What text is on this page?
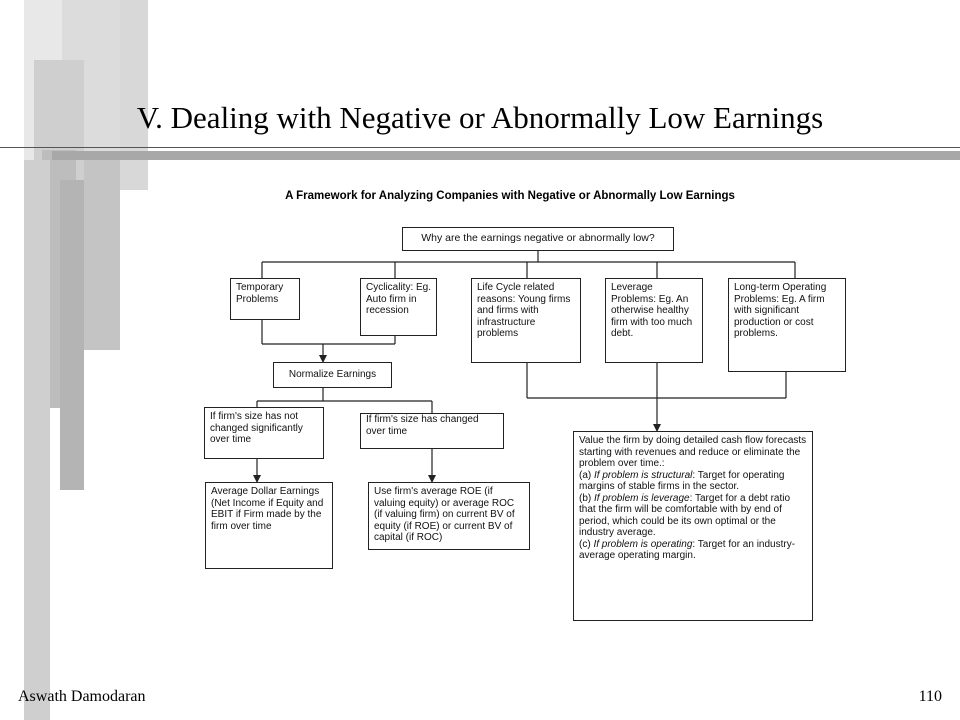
V. Dealing with Negative or Abnormally Low Earnings
A Framework for Analyzing Companies with Negative or Abnormally Low Earnings
Why are the earnings negative or abnormally low?
Temporary Problems
Cyclicality: Eg. Auto firm in recession
Life Cycle related reasons: Young firms and firms with infrastructure problems
Leverage Problems: Eg. An otherwise healthy firm with too much debt.
Long-term Operating Problems: Eg. A firm with significant production or cost problems.
Normalize Earnings
If firm's size has not changed significantly over time
If firm's size has changed over time
Average Dollar Earnings (Net Income if Equity and EBIT if Firm made by the firm over time
Use firm's average ROE (if valuing equity) or average ROC (if valuing firm) on current BV of equity (if ROE) or current BV of capital (if ROC)
Value the firm by doing detailed cash flow forecasts starting with revenues and reduce or eliminate the problem over time.:
(a) If problem is structural: Target for operating margins of stable firms in the sector.
(b) If problem is leverage: Target for a debt ratio that the firm will be comfortable with by end of period, which could be its own optimal or the industry average.
(c) If problem is operating: Target for an industry-average operating margin.
Aswath Damodaran	110
